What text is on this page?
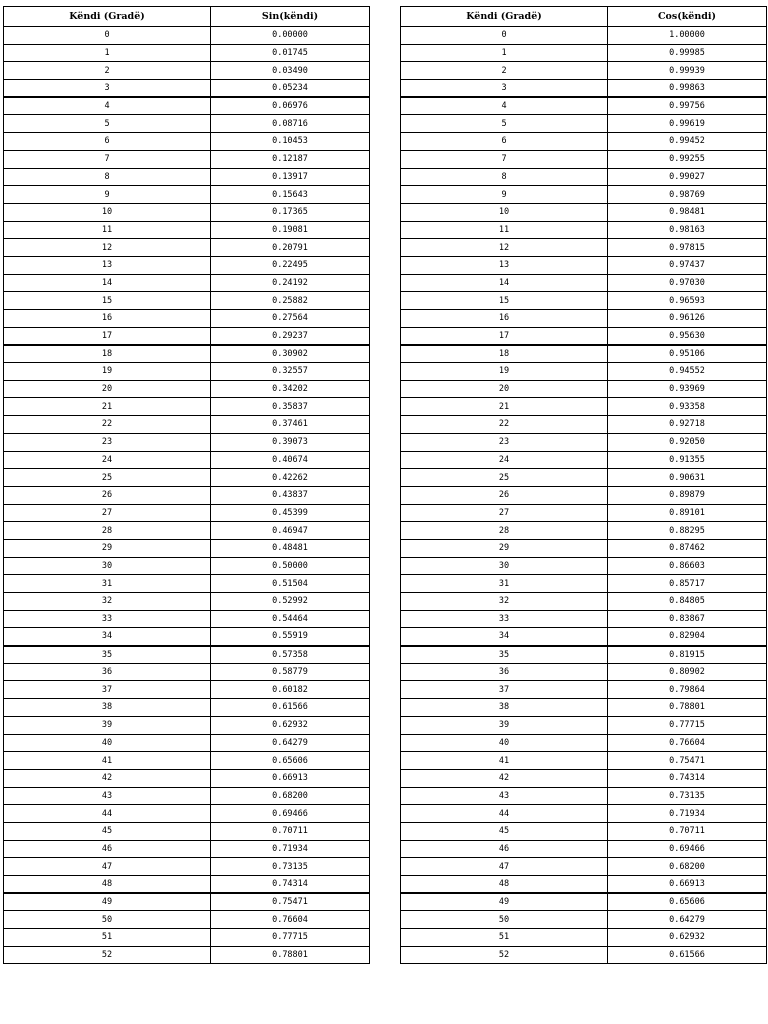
Këndi (Gradë)	Sin(këndi)
0	0.00000
1	0.01745
2	0.03490
3	0.05234
4	0.06976
5	0.08716
6	0.10453
7	0.12187
8	0.13917
9	0.15643
10	0.17365
11	0.19081
12	0.20791
13	0.22495
14	0.24192
15	0.25882
16	0.27564
17	0.29237
18	0.30902
19	0.32557
20	0.34202
21	0.35837
22	0.37461
23	0.39073
24	0.40674
25	0.42262
26	0.43837
27	0.45399
28	0.46947
29	0.48481
30	0.50000
31	0.51504
32	0.52992
33	0.54464
34	0.55919
35	0.57358
36	0.58779
37	0.60182
38	0.61566
39	0.62932
40	0.64279
41	0.65606
42	0.66913
43	0.68200
44	0.69466
45	0.70711
46	0.71934
47	0.73135
48	0.74314
49	0.75471
50	0.76604
51	0.77715
52	0.78801
Këndi (Gradë)	Cos(këndi)
0	1.00000
1	0.99985
2	0.99939
3	0.99863
4	0.99756
5	0.99619
6	0.99452
7	0.99255
8	0.99027
9	0.98769
10	0.98481
11	0.98163
12	0.97815
13	0.97437
14	0.97030
15	0.96593
16	0.96126
17	0.95630
18	0.95106
19	0.94552
20	0.93969
21	0.93358
22	0.92718
23	0.92050
24	0.91355
25	0.90631
26	0.89879
27	0.89101
28	0.88295
29	0.87462
30	0.86603
31	0.85717
32	0.84805
33	0.83867
34	0.82904
35	0.81915
36	0.80902
37	0.79864
38	0.78801
39	0.77715
40	0.76604
41	0.75471
42	0.74314
43	0.73135
44	0.71934
45	0.70711
46	0.69466
47	0.68200
48	0.66913
49	0.65606
50	0.64279
51	0.62932
52	0.61566
